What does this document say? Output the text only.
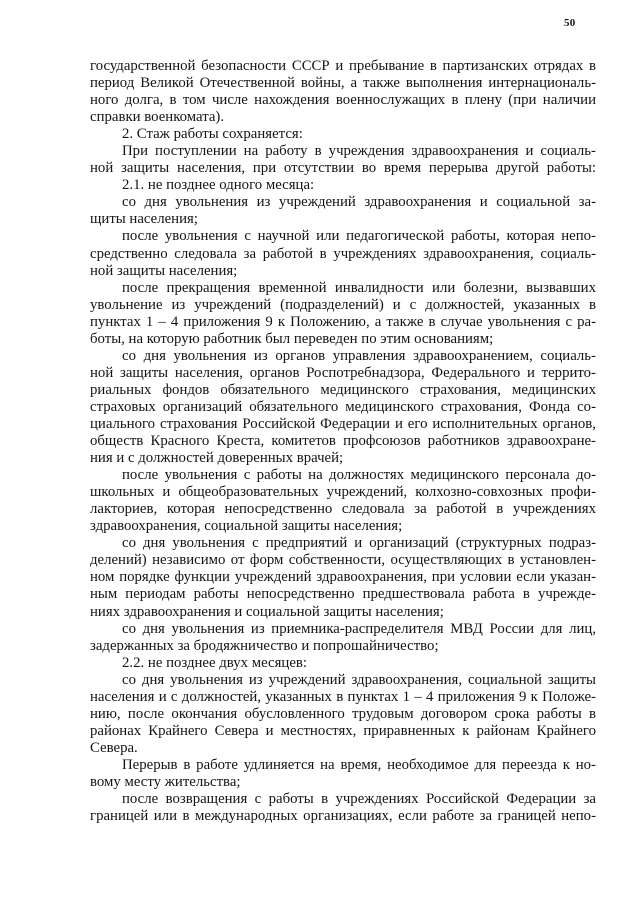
50
государственной безопасности СССР и пребывание в партизанских отрядах в
период Великой Отечественной войны, а также выполнения интернациональ-
ного долга, в том числе нахождения военнослужащих в плену (при наличии
справки военкомата).
2. Стаж работы сохраняется:
При поступлении на работу в учреждения здравоохранения и социаль-
ной защиты населения, при отсутствии во время перерыва другой работы:
2.1. не позднее одного месяца:
со дня увольнения из учреждений здравоохранения и социальной за-
щиты населения;
после увольнения с научной или педагогической работы, которая непо-
средственно следовала за работой в учреждениях здравоохранения, социаль-
ной защиты населения;
после прекращения временной инвалидности или болезни, вызвавших
увольнение из учреждений (подразделений) и с должностей, указанных в
пунктах 1 – 4 приложения 9 к Положению, а также в случае увольнения с ра-
боты, на которую работник был переведен по этим основаниям;
со дня увольнения из органов управления здравоохранением, социаль-
ной защиты населения, органов Роспотребнадзора, Федерального и террито-
риальных фондов обязательного медицинского страхования, медицинских
страховых организаций обязательного медицинского страхования, Фонда со-
циального страхования Российской Федерации и его исполнительных органов,
обществ Красного Креста, комитетов профсоюзов работников здравоохране-
ния и с должностей доверенных врачей;
после увольнения с работы на должностях медицинского персонала до-
школьных и общеобразовательных учреждений, колхозно-совхозных профи-
лакториев, которая непосредственно следовала за работой в учреждениях
здравоохранения, социальной защиты населения;
со дня увольнения с предприятий и организаций (структурных подраз-
делений) независимо от форм собственности, осуществляющих в установлен-
ном порядке функции учреждений здравоохранения, при условии если указан-
ным периодам работы непосредственно предшествовала работа в учрежде-
ниях здравоохранения и социальной защиты населения;
со дня увольнения из приемника-распределителя МВД России для лиц,
задержанных за бродяжничество и попрошайничество;
2.2. не позднее двух месяцев:
со дня увольнения из учреждений здравоохранения, социальной защиты
населения и с должностей, указанных в пунктах 1 – 4 приложения 9 к Положе-
нию, после окончания обусловленного трудовым договором срока работы в
районах Крайнего Севера и местностях, приравненных к районам Крайнего
Севера.
Перерыв в работе удлиняется на время, необходимое для переезда к но-
вому месту жительства;
после возвращения с работы в учреждениях Российской Федерации за
границей или в международных организациях, если работе за границей непо-
